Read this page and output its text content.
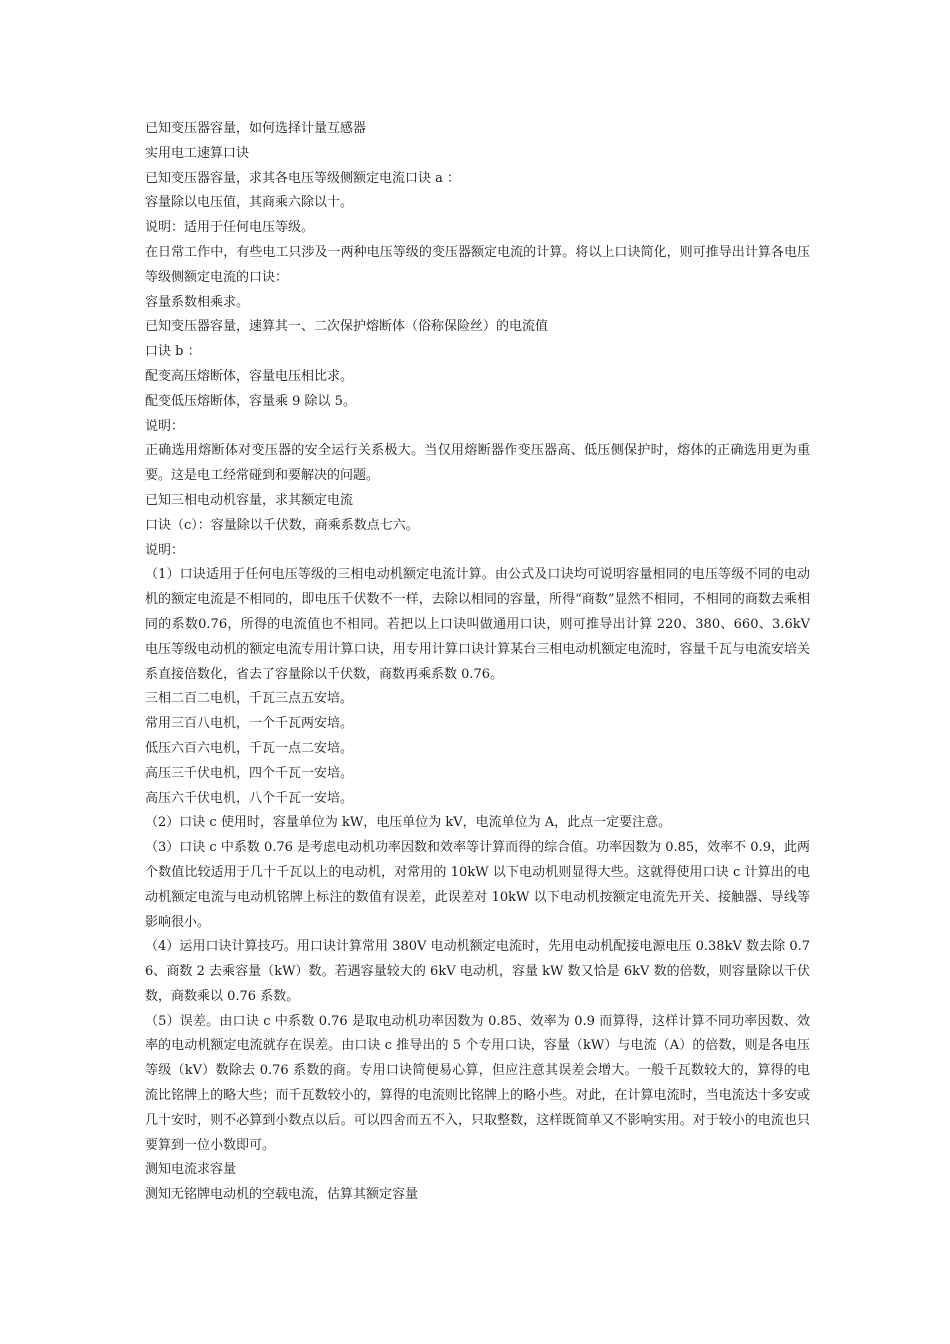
已知变压器容量，如何选择计量互感器
实用电工速算口诀
已知变压器容量，求其各电压等级侧额定电流口诀 a ：
容量除以电压值，其商乘六除以十。
说明：适用于任何电压等级。
在日常工作中，有些电工只涉及一两种电压等级的变压器额定电流的计算。将以上口诀简化，则可推导出计算各电压等级侧额定电流的口诀：
容量系数相乘求。
已知变压器容量，速算其一、二次保护熔断体（俗称保险丝）的电流值
口诀 b ：
配变高压熔断体，容量电压相比求。
配变低压熔断体，容量乘 9 除以 5。
说明：
正确选用熔断体对变压器的安全运行关系极大。当仅用熔断器作变压器高、低压侧保护时，熔体的正确选用更为重要。这是电工经常碰到和要解决的问题。
已知三相电动机容量，求其额定电流
口诀（c）：容量除以千伏数，商乘系数点七六。
说明：
（1）口诀适用于任何电压等级的三相电动机额定电流计算。由公式及口诀均可说明容量相同的电压等级不同的电动机的额定电流是不相同的，即电压千伏数不一样，去除以相同的容量，所得“商数”显然不相同，不相同的商数去乘相同的系数0.76，所得的电流值也不相同。若把以上口诀叫做通用口诀，则可推导出计算 220、380、660、3.6kV 电压等级电动机的额定电流专用计算口诀，用专用计算口诀计算某台三相电动机额定电流时，容量千瓦与电流安培关系直接倍数化，省去了容量除以千伏数，商数再乘系数 0.76。
三相二百二电机，千瓦三点五安培。
常用三百八电机，一个千瓦两安培。
低压六百六电机，千瓦一点二安培。
高压三千伏电机，四个千瓦一安培。
高压六千伏电机，八个千瓦一安培。
（2）口诀 c 使用时，容量单位为 kW，电压单位为 kV，电流单位为 A，此点一定要注意。
（3）口诀 c 中系数 0.76 是考虑电动机功率因数和效率等计算而得的综合值。功率因数为 0.85，效率不 0.9，此两个数值比较适用于几十千瓦以上的电动机，对常用的 10kW 以下电动机则显得大些。这就得使用口诀 c 计算出的电动机额定电流与电动机铭牌上标注的数值有误差，此误差对 10kW 以下电动机按额定电流先开关、接触器、导线等影响很小。
（4）运用口诀计算技巧。用口诀计算常用 380V 电动机额定电流时，先用电动机配接电源电压 0.38kV 数去除 0.76、商数 2 去乘容量（kW）数。若遇容量较大的 6kV 电动机，容量 kW 数又恰是 6kV 数的倍数，则容量除以千伏数，商数乘以 0.76 系数。
（5）误差。由口诀 c 中系数 0.76 是取电动机功率因数为 0.85、效率为 0.9 而算得，这样计算不同功率因数、效率的电动机额定电流就存在误差。由口诀 c 推导出的 5 个专用口诀，容量（kW）与电流（A）的倍数，则是各电压等级（kV）数除去 0.76 系数的商。专用口诀简便易心算，但应注意其误差会增大。一般千瓦数较大的，算得的电流比铭牌上的略大些；而千瓦数较小的，算得的电流则比铭牌上的略小些。对此，在计算电流时，当电流达十多安或几十安时，则不必算到小数点以后。可以四舍而五不入，只取整数，这样既简单又不影响实用。对于较小的电流也只要算到一位小数即可。
测知电流求容量
测知无铭牌电动机的空载电流，估算其额定容量
